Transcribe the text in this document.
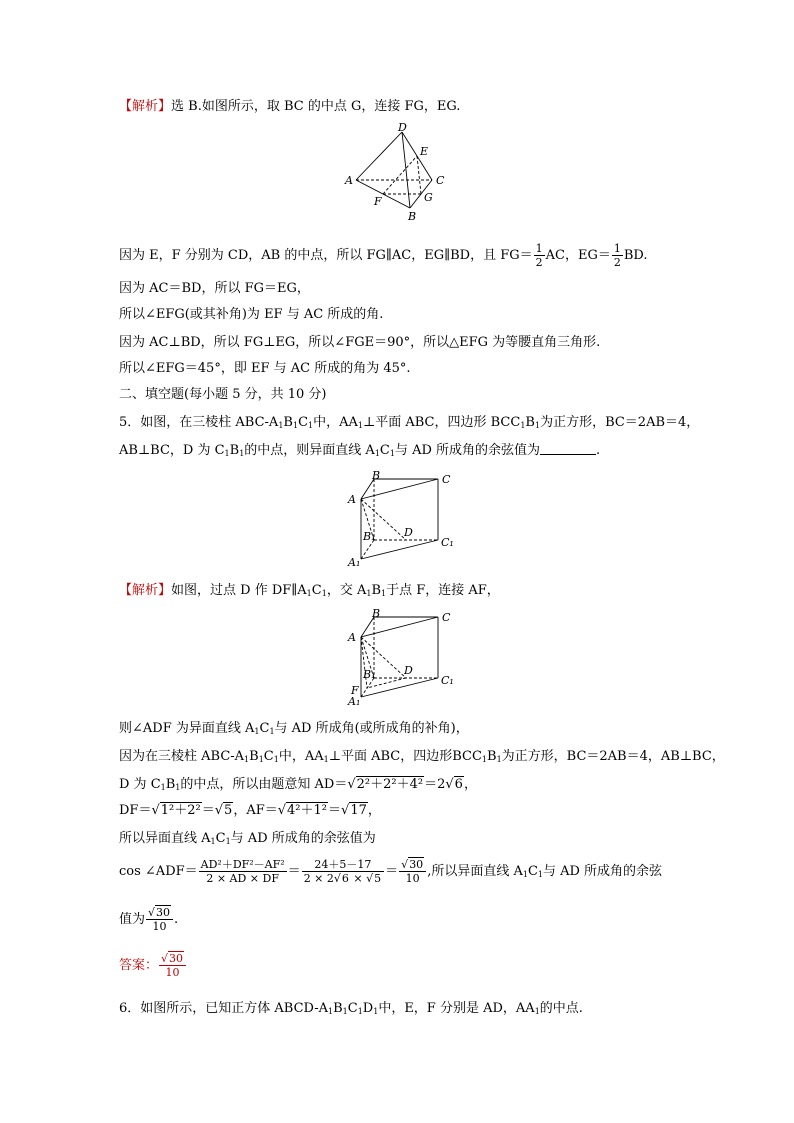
【解析】选 B.如图所示，取 BC 的中点 G，连接 FG，EG.
D
E
A	C
F	G
B
因为 E，F 分别为 CD，AB 的中点，所以 FG∥AC，EG∥BD，且 $FG= \frac{1}{2}$ AC，$EG= \frac{1}{2}$ BD.
因为 AC＝BD，所以 FG＝EG，
所以∠EFG(或其补角)为 EF 与 AC 所成的角.
因为 AC⊥BD，所以 FG⊥EG，所以∠FGE＝90°，所以△EFG 为等腰直角三角形.
所以∠EFG＝45°，即 EF 与 AC 所成的角为 45°.
二、填空题(每小题 5 分，共 10 分)
5．如图，在三棱柱 ABC-$A_1B_1C_1$中，$AA_1\perp$平面 ABC，四边形 $BCC_1B_1$为正方形，BC＝2AB＝4，
AB⊥BC，D 为 $C_1B_1$的中点，则异面直线 $A_1C_1$与 AD 所成角的余弦值为	.
A
B	C
B₁	D
A₁
C₁
【解析】如图，过点 D 作 $DF\parallel A_1C_1$，交 $A_1B_1$于点 F，连接 AF，
A
B	C
B₁	D
F
A₁
C₁
则∠ADF 为异面直线 $A_1C_1$与 AD 所成角(或所成角的补角)，
因为在三棱柱 ABC-$A_1B_1C_1$中，$AA_1\perp$平面 ABC，四边形$BCC_1B_1$为正方形，BC＝2AB＝4，AB⊥BC，
D 为 $C_1B_1$的中点，所以由题意知 AD＝√2²＋2²＋4²＝2√6，
DF＝√1²＋2²＝√5，AF＝√4²＋1²＝√17，
所以异面直线 $A_1C_1$与 AD 所成角的余弦值为
cos ∠ADF＝ $\frac{\text{AD²＋DF²－AF²}}{2 \times AD \times DF} = \frac{24+5-17}{2 \times 2√6 \times √5} = \frac{√30}{10}$ ,所以异面直线 $A_1C_1$与 AD 所成角的余弦
值为 $\frac{√30}{10}$ .
答案： $\frac{√30}{10}$
6．如图所示，已知正方体 ABCD-$A_1B_1C_1D_1$中，E，F 分别是 AD，$AA_1$的中点.
